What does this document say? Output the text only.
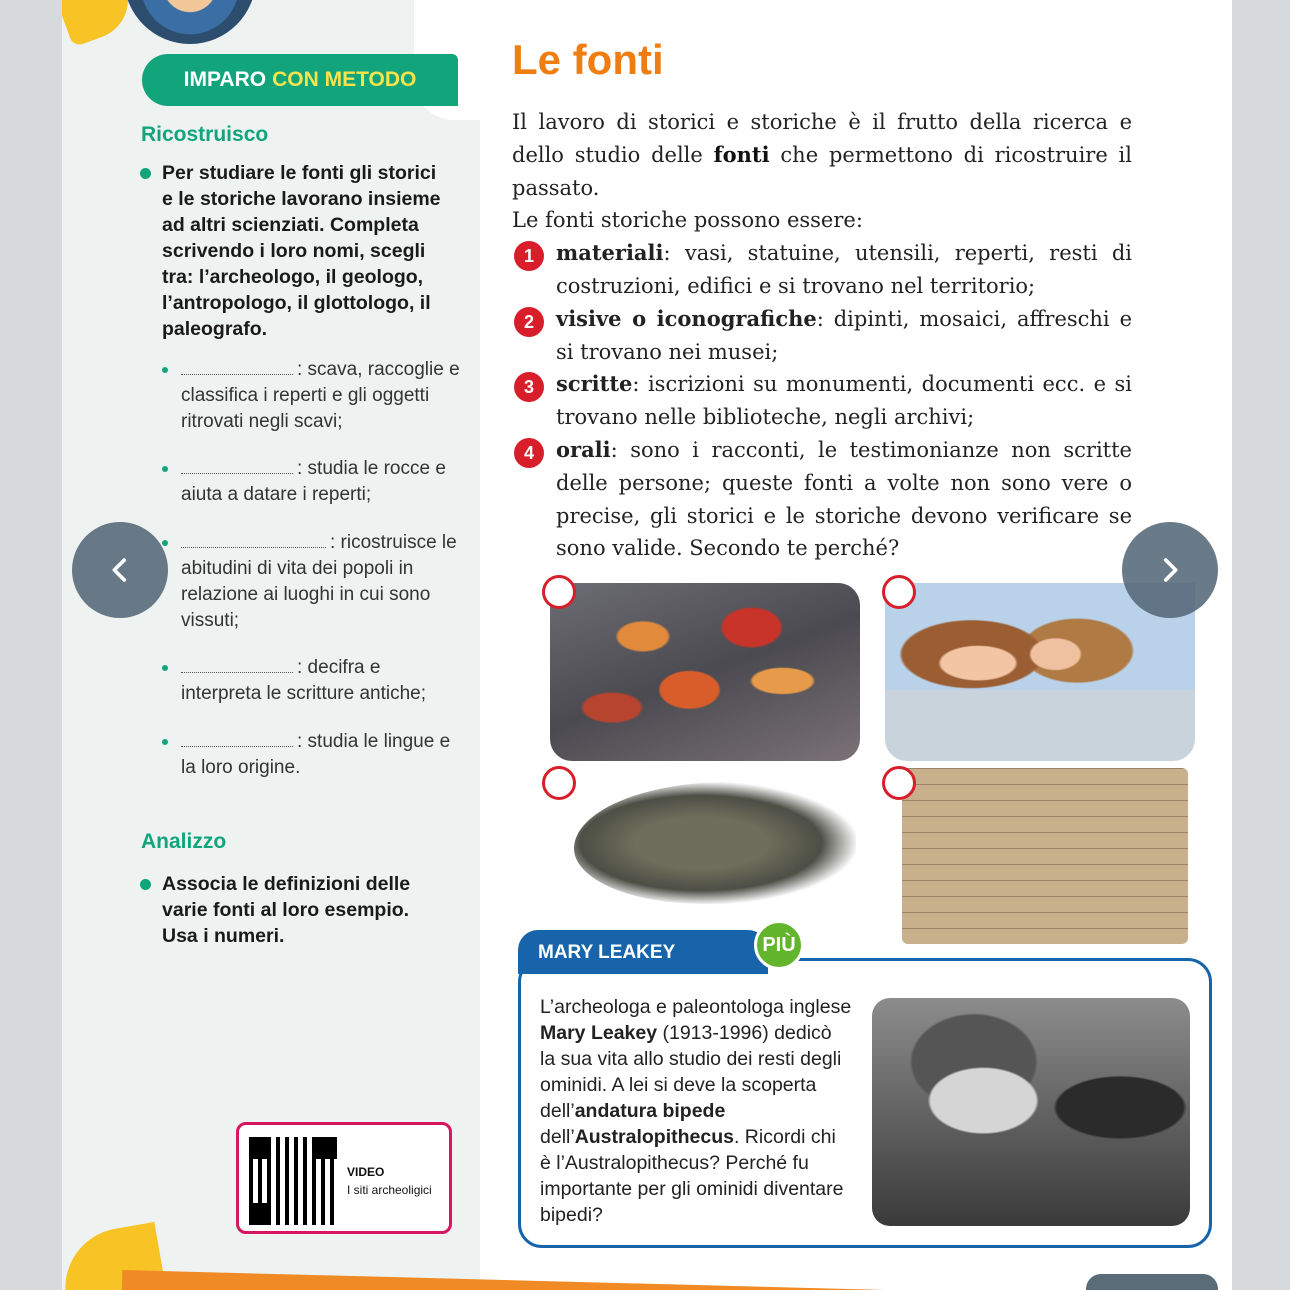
IMPARO CON METODO
Ricostruisco
Per studiare le fonti gli storici e le storiche lavorano insieme ad altri scienziati. Completa scrivendo i loro nomi, scegli tra: l’archeologo, il geologo, l’antropologo, il glottologo, il paleografo.
: scava, raccoglie e classifica i reperti e gli oggetti ritrovati negli scavi;
: studia le rocce e aiuta a datare i reperti;
: ricostruisce le abitudini di vita dei popoli in relazione ai luoghi in cui sono vissuti;
: decifra e interpreta le scritture antiche;
: studia le lingue e la loro origine.
Analizzo
Associa le definizioni delle varie fonti al loro esempio. Usa i numeri.
VIDEO
I siti archeoligici
Le fonti
Il lavoro di storici e storiche è il frutto della ricerca e dello studio delle fonti che permettono di ricostruire il passato.
Le fonti storiche possono essere:
1	materiali: vasi, statuine, utensili, reperti, resti di costruzioni, edifici e si trovano nel territorio;
2	visive o iconografiche: dipinti, mosaici, affreschi e si trovano nei musei;
3	scritte: iscrizioni su monumenti, documenti ecc. e si trovano nelle biblioteche, negli archivi;
4	orali: sono i racconti, le testimonianze non scritte delle persone; queste fonti a volte non sono vere o precise, gli storici e le storiche devono verificare se sono valide. Secondo te perché?
MARY LEAKEY	PIÙ
L’archeologa e paleontologa inglese Mary Leakey (1913-1996) dedicò la sua vita allo studio dei resti degli ominidi. A lei si deve la scoperta dell’andatura bipede dell’Australopithecus. Ricordi chi è l’Australopithecus? Perché fu importante per gli ominidi diventare bipedi?
